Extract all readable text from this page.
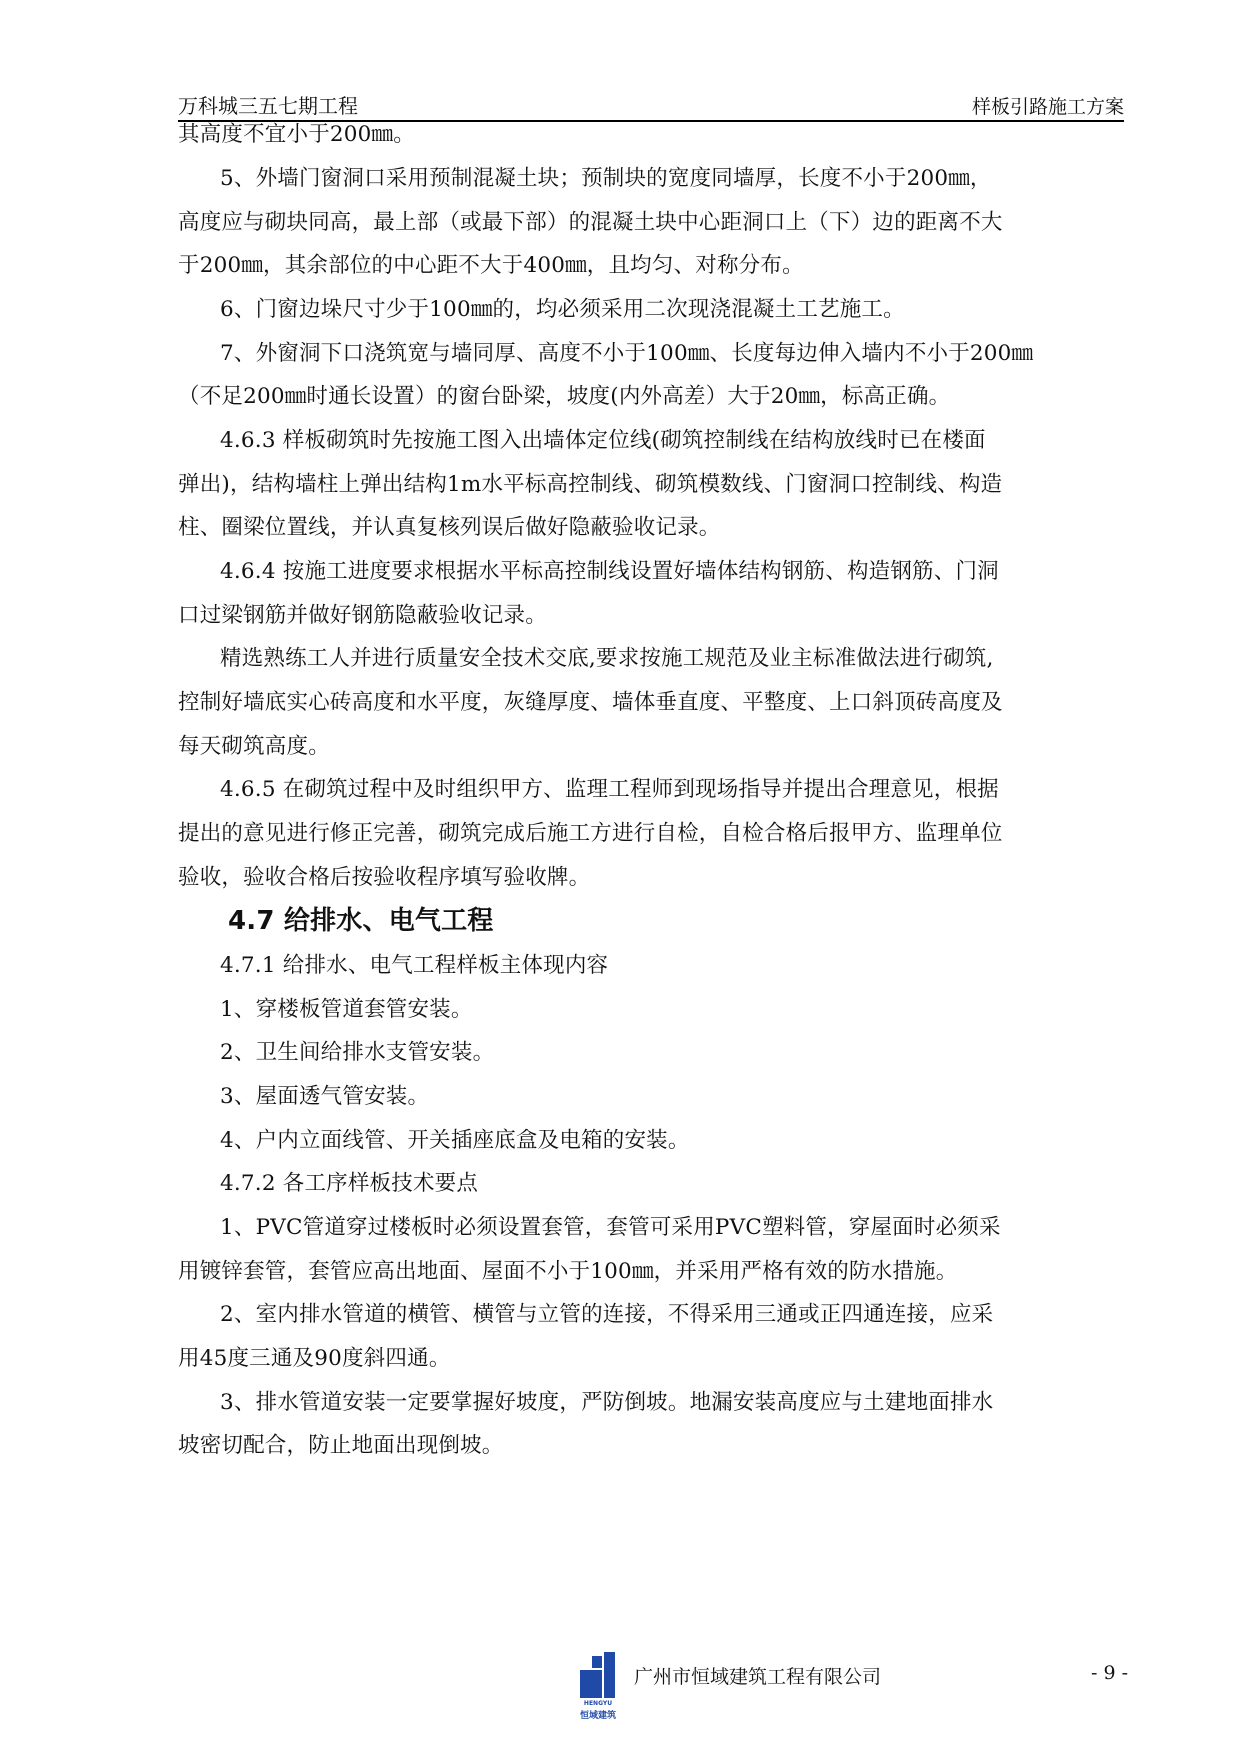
万科城三五七期工程	样板引路施工方案
其高度不宜小于200㎜。
5、外墙门窗洞口采用预制混凝土块；预制块的宽度同墙厚，长度不小于200㎜，
高度应与砌块同高，最上部（或最下部）的混凝土块中心距洞口上（下）边的距离不大
于200㎜，其余部位的中心距不大于400㎜，且均匀、对称分布。
6、门窗边垛尺寸少于100㎜的，均必须采用二次现浇混凝土工艺施工。
7、外窗洞下口浇筑宽与墙同厚、高度不小于100㎜、长度每边伸入墙内不小于200㎜
（不足200㎜时通长设置）的窗台卧梁，坡度(内外高差）大于20㎜，标高正确。
4.6.3 样板砌筑时先按施工图入出墙体定位线(砌筑控制线在结构放线时已在楼面
弹出)，结构墙柱上弹出结构1m水平标高控制线、砌筑模数线、门窗洞口控制线、构造
柱、圈梁位置线，并认真复核列误后做好隐蔽验收记录。
4.6.4 按施工进度要求根据水平标高控制线设置好墙体结构钢筋、构造钢筋、门洞
口过梁钢筋并做好钢筋隐蔽验收记录。
精选熟练工人并进行质量安全技术交底,要求按施工规范及业主标准做法进行砌筑,
控制好墙底实心砖高度和水平度，灰缝厚度、墙体垂直度、平整度、上口斜顶砖高度及
每天砌筑高度。
4.6.5 在砌筑过程中及时组织甲方、监理工程师到现场指导并提出合理意见，根据
提出的意见进行修正完善，砌筑完成后施工方进行自检，自检合格后报甲方、监理单位
验收，验收合格后按验收程序填写验收牌。
4.7 给排水、电气工程
4.7.1 给排水、电气工程样板主体现内容
1、穿楼板管道套管安装。
2、卫生间给排水支管安装。
3、屋面透气管安装。
4、户内立面线管、开关插座底盒及电箱的安装。
4.7.2 各工序样板技术要点
1、PVC管道穿过楼板时必须设置套管，套管可采用PVC塑料管，穿屋面时必须采
用镀锌套管，套管应高出地面、屋面不小于100㎜，并采用严格有效的防水措施。
2、室内排水管道的横管、横管与立管的连接，不得采用三通或正四通连接，应采
用45度三通及90度斜四通。
3、排水管道安装一定要掌握好坡度，严防倒坡。地漏安装高度应与土建地面排水
坡密切配合，防止地面出现倒坡。
HENGYU
恒域建筑
广州市恒域建筑工程有限公司	- 9 -
